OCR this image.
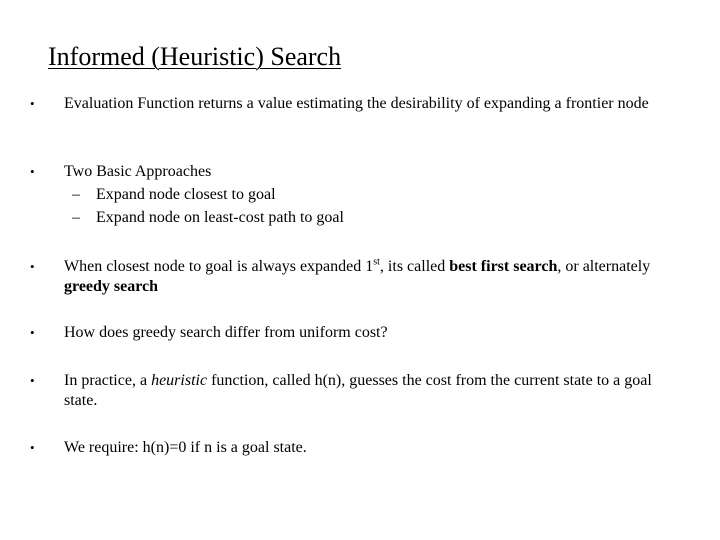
Informed (Heuristic) Search
• Evaluation Function returns a value estimating the desirability of expanding a frontier node
• Two Basic Approaches
– Expand node closest to goal
– Expand node on least-cost path to goal
• When closest node to goal is always expanded 1st, its called best first search, or alternately greedy search
• How does greedy search differ from uniform cost?
• In practice, a heuristic function, called h(n), guesses the cost from the current state to a goal state.
• We require: h(n)=0 if n is a goal state.
